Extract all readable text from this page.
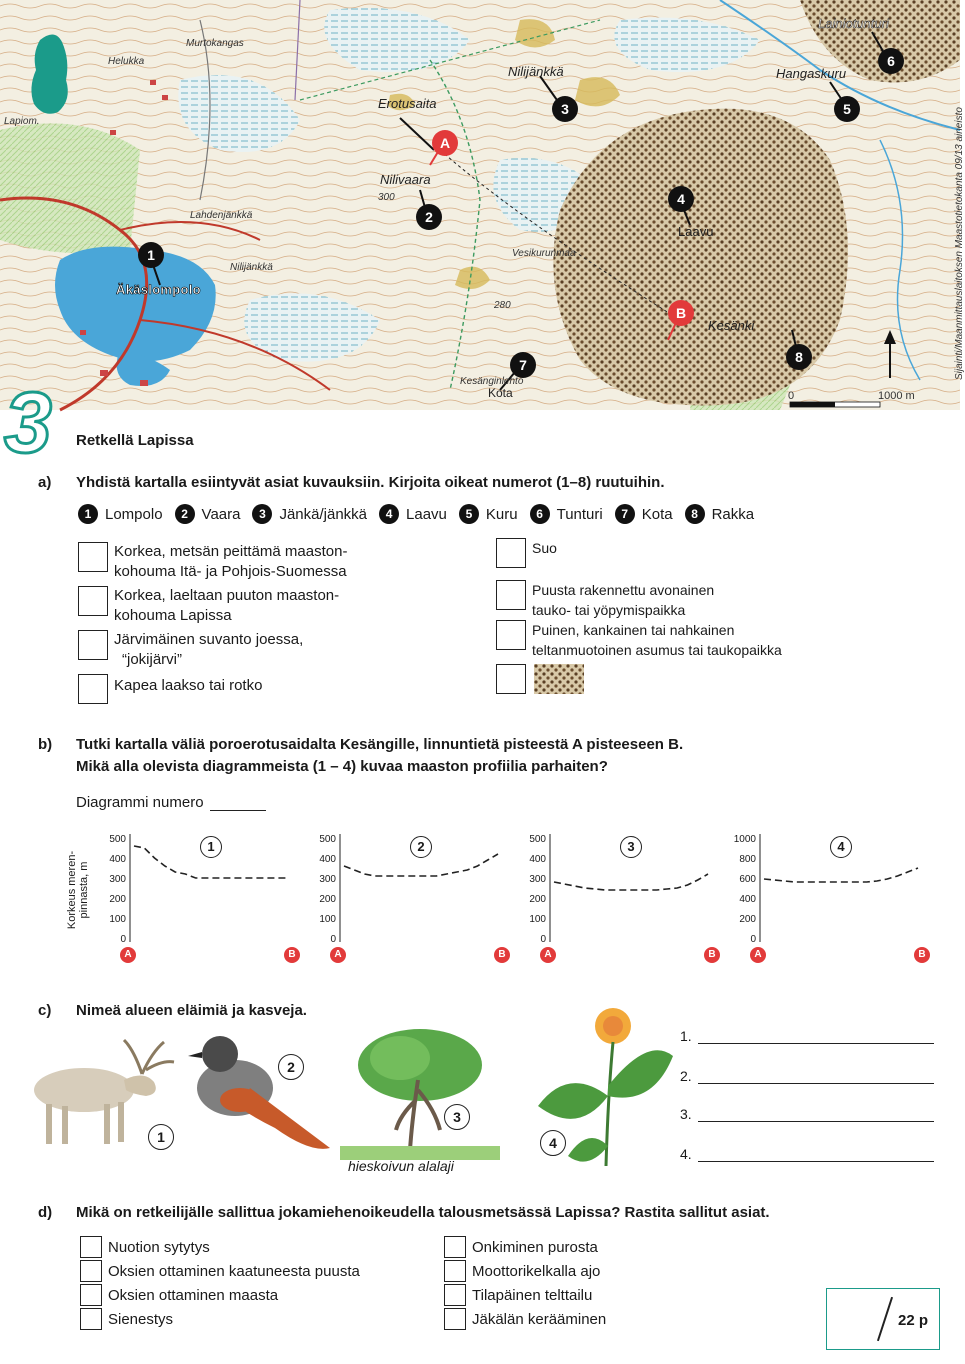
Murtokangas
Helukka
Lapiom.
Erotusaita
Nilijänkkä	Hangaskuru
Lainiotunturi
Nilivaara
Laavu
Lahdenjänkkä
Nilijänkkä
Vesikurunmaa
Äkäslompolo
Kesänki
Kota
Kesänginlehto
300
280
1
2
3
4
5
6
7	8
A
B
0	1000 m
Sijainti/Maanmittauslaitoksen Maastotietokanta 09/13 aineisto
3 Retkellä Lapissa
a) Yhdistä kartalla esiintyvät asiat kuvauksiin. Kirjoita oikeat numerot (1–8) ruutuihin.
1 Lompolo	2 Vaara	3 Jänkä/jänkkä	4 Laavu	5 Kuru	6 Tunturi	7 Kota	8 Rakka
Korkea, metsän peittämä maaston-
kohouma Itä- ja Pohjois-Suomessa
Korkea, laeltaan puuton maaston-
kohouma Lapissa
Järvimäinen suvanto joessa,
“jokijärvi”
Kapea laakso tai rotko
Suo
Puusta rakennettu avonainen
tauko- tai yöpymispaikka
Puinen, kankainen tai nahkainen
teltanmuotoinen asumus tai taukopaikka
b) Tutki kartalla väliä poroerotusaidalta Kesängille, linnuntietä pisteestä A pisteeseen B.
Mikä alla olevista diagrammeista (1 – 4) kuvaa maaston profiilia parhaiten?
Diagrammi numero
Korkeus meren- pinnasta, m
500
400
300
200
100
0
1
A	B
500
400
300
200
100
0
2
A	B
500
400
300
200
100
0
3
A	B
1000
800
600
400
200
0
4
A	B
c) Nimeä alueen eläimiä ja kasveja.
1
2
3
hieskoivun alalaji
4
1.
2.
3.
4.
d) Mikä on retkeilijälle sallittua jokamiehenoikeudella talousmetsässä Lapissa? Rastita sallitut asiat.
Nuotion sytytys
Oksien ottaminen kaatuneesta puusta
Oksien ottaminen maasta
Sienestys
Onkiminen purosta
Moottorikelkalla ajo
Tilapäinen telttailu
Jäkälän kerääminen	22 p
